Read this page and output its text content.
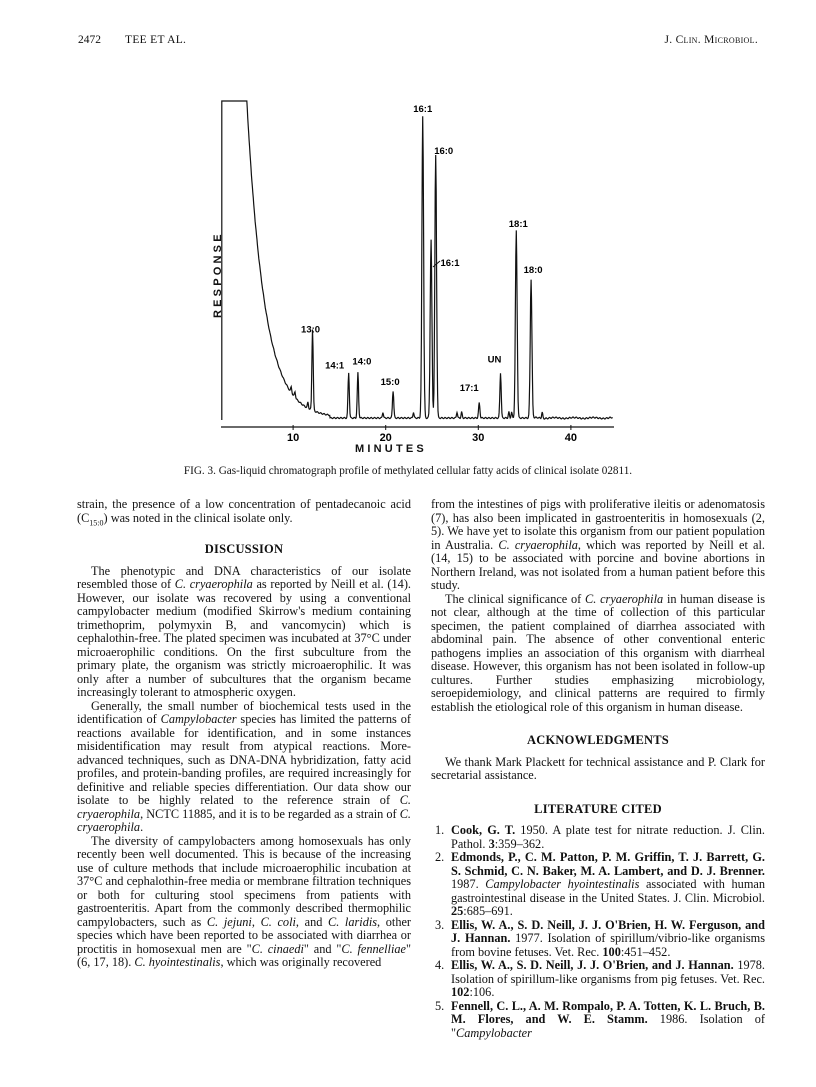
2472 TEE ET AL.	J. Clin. Microbiol.
RESPONSE
10	20	30	40
MINUTES
13:0
14:1 14:0
15:0
16:1
16:1
16:0
17:1
UN
18:1
18:0
FIG. 3. Gas-liquid chromatograph profile of methylated cellular fatty acids of clinical isolate 02811.

strain, the presence of a low concentration of pentadecanoic acid $(C_{15:0})$ was noted in the clinical isolate only.

DISCUSSION

The phenotypic and DNA characteristics of our isolate resembled those of C. cryaerophila as reported by Neill et al. (14). However, our isolate was recovered by using a conventional campylobacter medium (modified Skirrow's medium containing trimethoprim, polymyxin B, and vancomycin) which is cephalothin-free. The plated specimen was incubated at 37°C under microaerophilic conditions. On the first subculture from the primary plate, the organism was strictly microaerophilic. It was only after a number of subcultures that the organism became increasingly tolerant to atmospheric oxygen.

Generally, the small number of biochemical tests used in the identification of Campylobacter species has limited the patterns of reactions available for identification, and in some instances misidentification may result from atypical reactions. More-advanced techniques, such as DNA-DNA hybridization, fatty acid profiles, and protein-banding profiles, are required increasingly for definitive and reliable species differentiation. Our data show our isolate to be highly related to the reference strain of C. cryaerophila, NCTC 11885, and it is to be regarded as a strain of C. cryaerophila.

The diversity of campylobacters among homosexuals has only recently been well documented. This is because of the increasing use of culture methods that include microaerophilic incubation at 37°C and cephalothin-free media or membrane filtration techniques or both for culturing stool specimens from patients with gastroenteritis. Apart from the commonly described thermophilic campylobacters, such as C. jejuni, C. coli, and C. laridis, other species which have been reported to be associated with diarrhea or proctitis in homosexual men are "C. cinaedi" and "C. fennelliae" (6, 17, 18). C. hyointestinalis, which was originally recovered

from the intestines of pigs with proliferative ileitis or adenomatosis (7), has also been implicated in gastroenteritis in homosexuals (2, 5). We have yet to isolate this organism from our patient population in Australia. C. cryaerophila, which was reported by Neill et al. (14, 15) to be associated with porcine and bovine abortions in Northern Ireland, was not isolated from a human patient before this study.

The clinical significance of C. cryaerophila in human disease is not clear, although at the time of collection of this particular specimen, the patient complained of diarrhea associated with abdominal pain. The absence of other conventional enteric pathogens implies an association of this organism with diarrheal disease. However, this organism has not been isolated in follow-up cultures. Further studies emphasizing microbiology, seroepidemiology, and clinical patterns are required to firmly establish the etiological role of this organism in human disease.

ACKNOWLEDGMENTS

We thank Mark Plackett for technical assistance and P. Clark for secretarial assistance.

LITERATURE CITED
1. Cook, G. T. 1950. A plate test for nitrate reduction. J. Clin. Pathol. 3:359–362.
2. Edmonds, P., C. M. Patton, P. M. Griffin, T. J. Barrett, G. S. Schmid, C. N. Baker, M. A. Lambert, and D. J. Brenner. 1987. Campylobacter hyointestinalis associated with human gastrointestinal disease in the United States. J. Clin. Microbiol. 25:685–691.
3. Ellis, W. A., S. D. Neill, J. J. O'Brien, H. W. Ferguson, and J. Hannan. 1977. Isolation of spirillum/vibrio-like organisms from bovine fetuses. Vet. Rec. 100:451–452.
4. Ellis, W. A., S. D. Neill, J. J. O'Brien, and J. Hannan. 1978. Isolation of spirillum-like organisms from pig fetuses. Vet. Rec. 102:106.
5. Fennell, C. L., A. M. Rompalo, P. A. Totten, K. L. Bruch, B. M. Flores, and W. E. Stamm. 1986. Isolation of "Campylobacter
